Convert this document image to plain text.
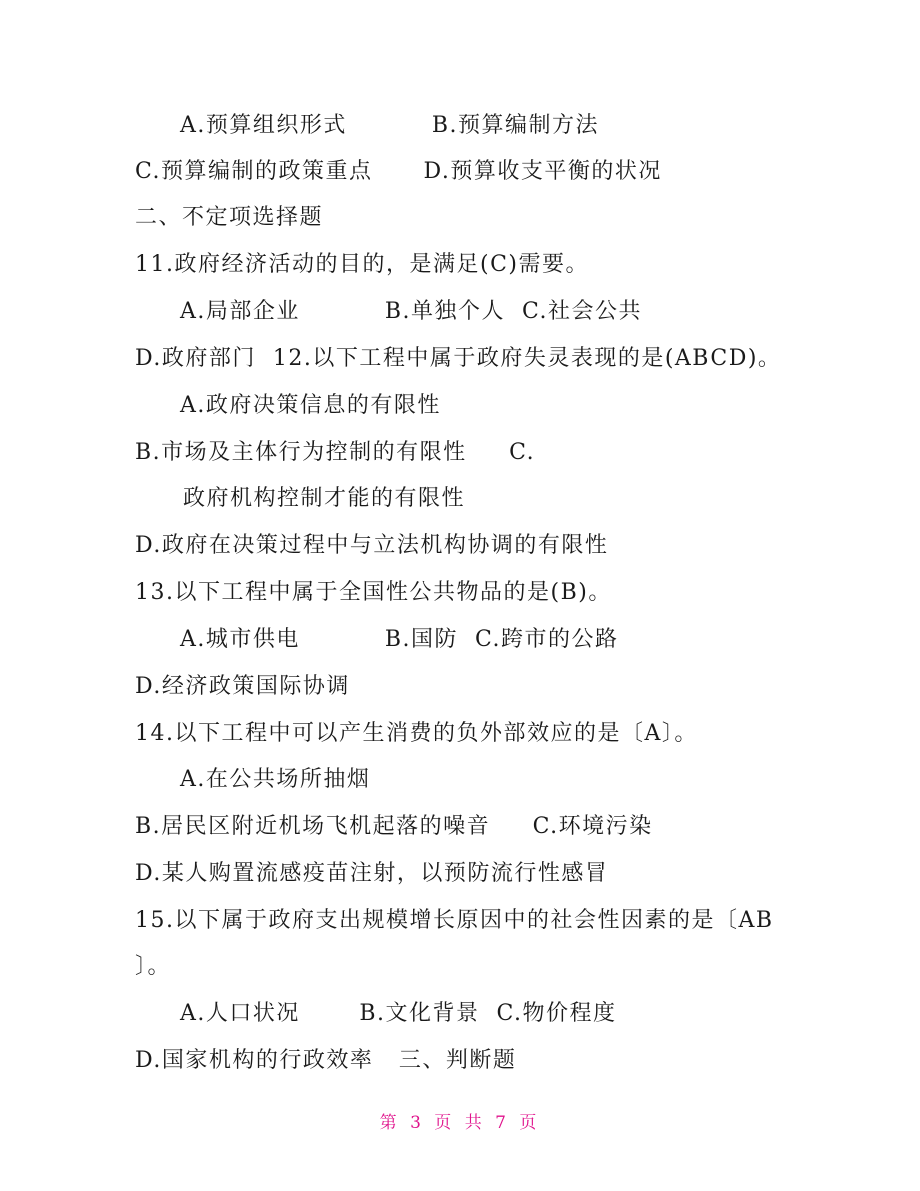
A.预算组织形式          B.预算编制方法
C.预算编制的政策重点      D.预算收支平衡的状况
二、不定项选择题
11.政府经济活动的目的，是满足(C)需要。
A.局部企业          B.单独个人  C.社会公共
D.政府部门  12.以下工程中属于政府失灵表现的是(ABCD)。
A.政府决策信息的有限性
B.市场及主体行为控制的有限性     C.
政府机构控制才能的有限性
D.政府在决策过程中与立法机构协调的有限性
13.以下工程中属于全国性公共物品的是(B)。
A.城市供电          B.国防  C.跨市的公路
D.经济政策国际协调
14.以下工程中可以产生消费的负外部效应的是〔A〕。
A.在公共场所抽烟
B.居民区附近机场飞机起落的噪音     C.环境污染
D.某人购置流感疫苗注射，以预防流行性感冒
15.以下属于政府支出规模增长原因中的社会性因素的是〔AB
〕。
A.人口状况       B.文化背景  C.物价程度
D.国家机构的行政效率   三、判断题
第 3 页 共 7 页
